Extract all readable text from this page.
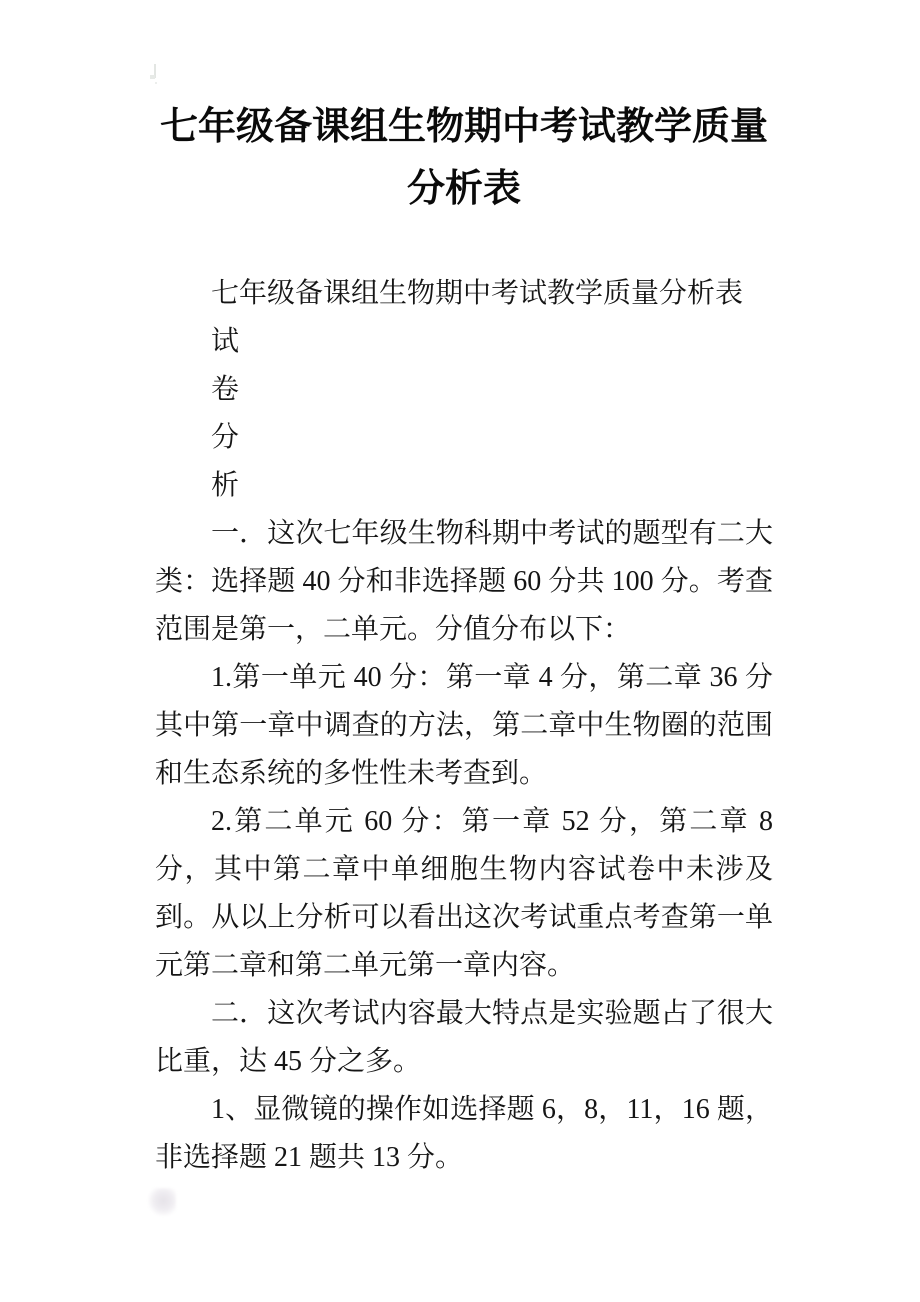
七年级备课组生物期中考试教学质量分析表

七年级备课组生物期中考试教学质量分析表

试

卷

分

析

一．这次七年级生物科期中考试的题型有二大类：选择题 40 分和非选择题 60 分共 100 分。考查范围是第一，二单元。分值分布以下：

1.第一单元 40 分：第一章 4 分，第二章 36 分其中第一章中调查的方法，第二章中生物圈的范围和生态系统的多性性未考查到。

2.第二单元 60 分：第一章 52 分，第二章 8 分，其中第二章中单细胞生物内容试卷中未涉及到。从以上分析可以看出这次考试重点考查第一单元第二章和第二单元第一章内容。

二．这次考试内容最大特点是实验题占了很大比重，达 45 分之多。

1、显微镜的操作如选择题 6，8，11，16 题，非选择题 21 题共 13 分。
